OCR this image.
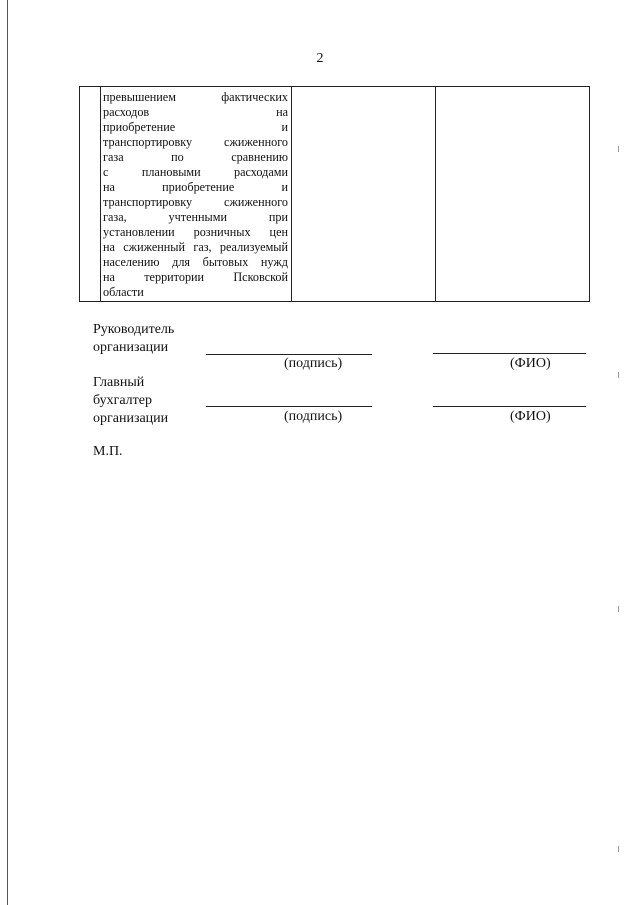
2

превышением фактических
расходов на
приобретение и
транспортировку сжиженного
газа по сравнению
с плановыми расходами
на приобретение и
транспортировку сжиженного
газа, учтенными при
установлении розничных цен
на сжиженный газ, реализуемый
населению для бытовых нужд
на территории Псковской
области

Руководитель
организации
(подпись)	(ФИО)
Главный
бухгалтер
организации	(подпись)	(ФИО)
М.П.
